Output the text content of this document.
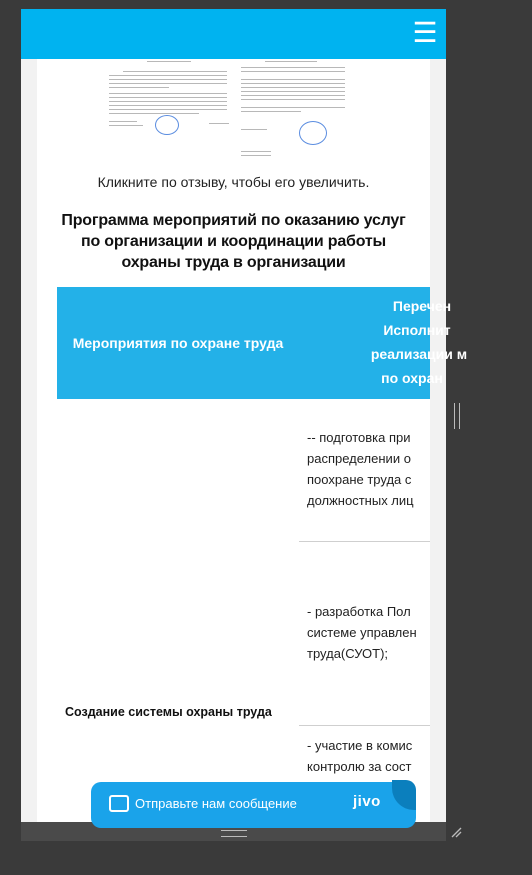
Кликните по отзыву, чтобы его увеличить.
Программа мероприятий по оказанию услуг по организации и координации работы охраны труда в организации
Мероприятия по охране труда
Перечен
Исполнит
реализации м
по охран
-- подготовка при
распределении о
поохране труда с
должностных лиц
- разработка Пол
системе управлен
труда(СУОТ);
Создание системы охраны труда
- участие в комис
контролю за сост
☰
Отправьте нам сообщение	jivo
